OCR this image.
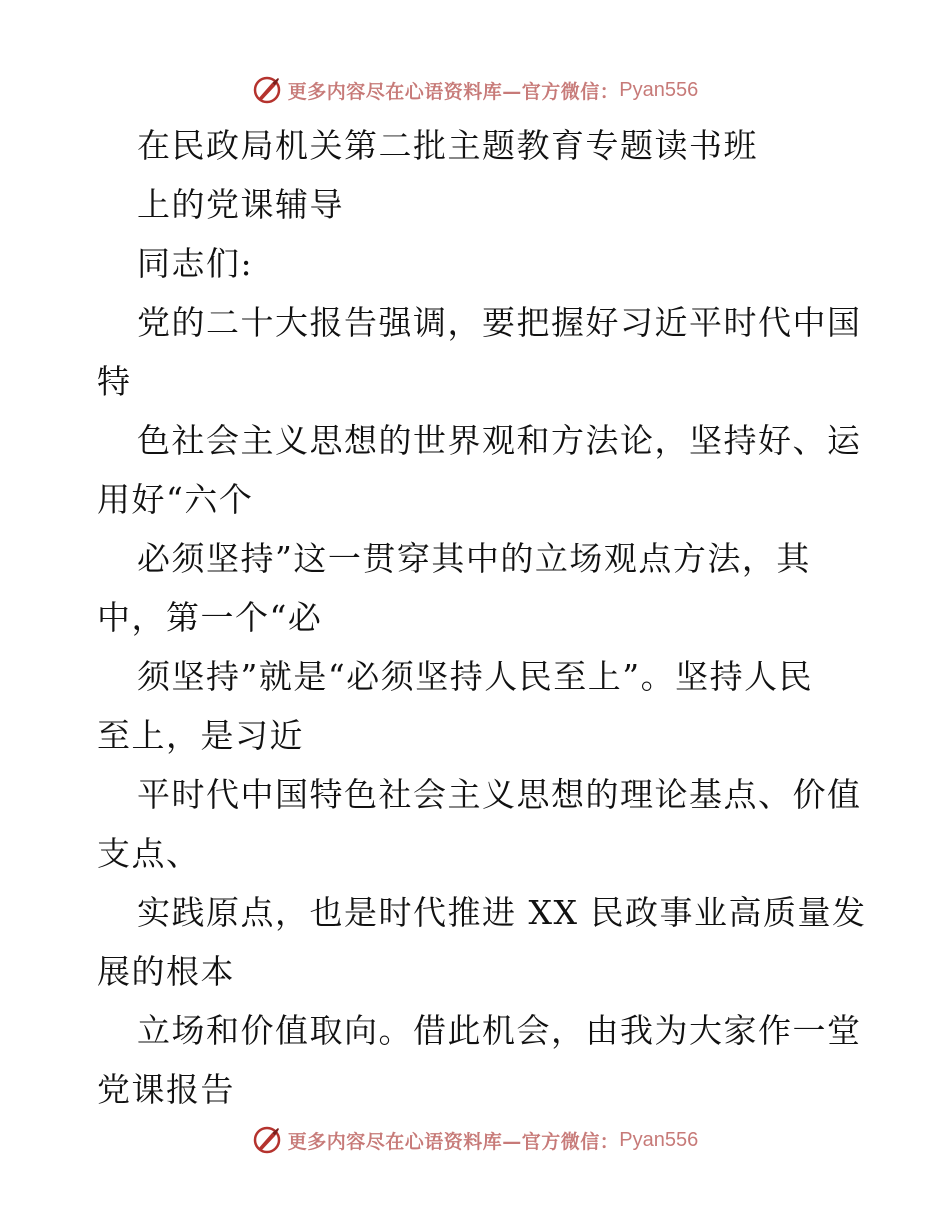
更多内容尽在心语资料库—官方微信： Pyan556
在民政局机关第二批主题教育专题读书班
上的党课辅导
同志们:
党的二十大报告强调，要把握好习近平时代中国
特
色社会主义思想的世界观和方法论，坚持好、运
用好“六个
必须坚持”这一贯穿其中的立场观点方法，其
中，第一个“必
须坚持”就是“必须坚持人民至上”。坚持人民
至上，是习近
平时代中国特色社会主义思想的理论基点、价值
支点、
实践原点，也是时代推进 XX 民政事业高质量发
展的根本
立场和价值取向。借此机会，由我为大家作一堂
党课报告
更多内容尽在心语资料库—官方微信： Pyan556
